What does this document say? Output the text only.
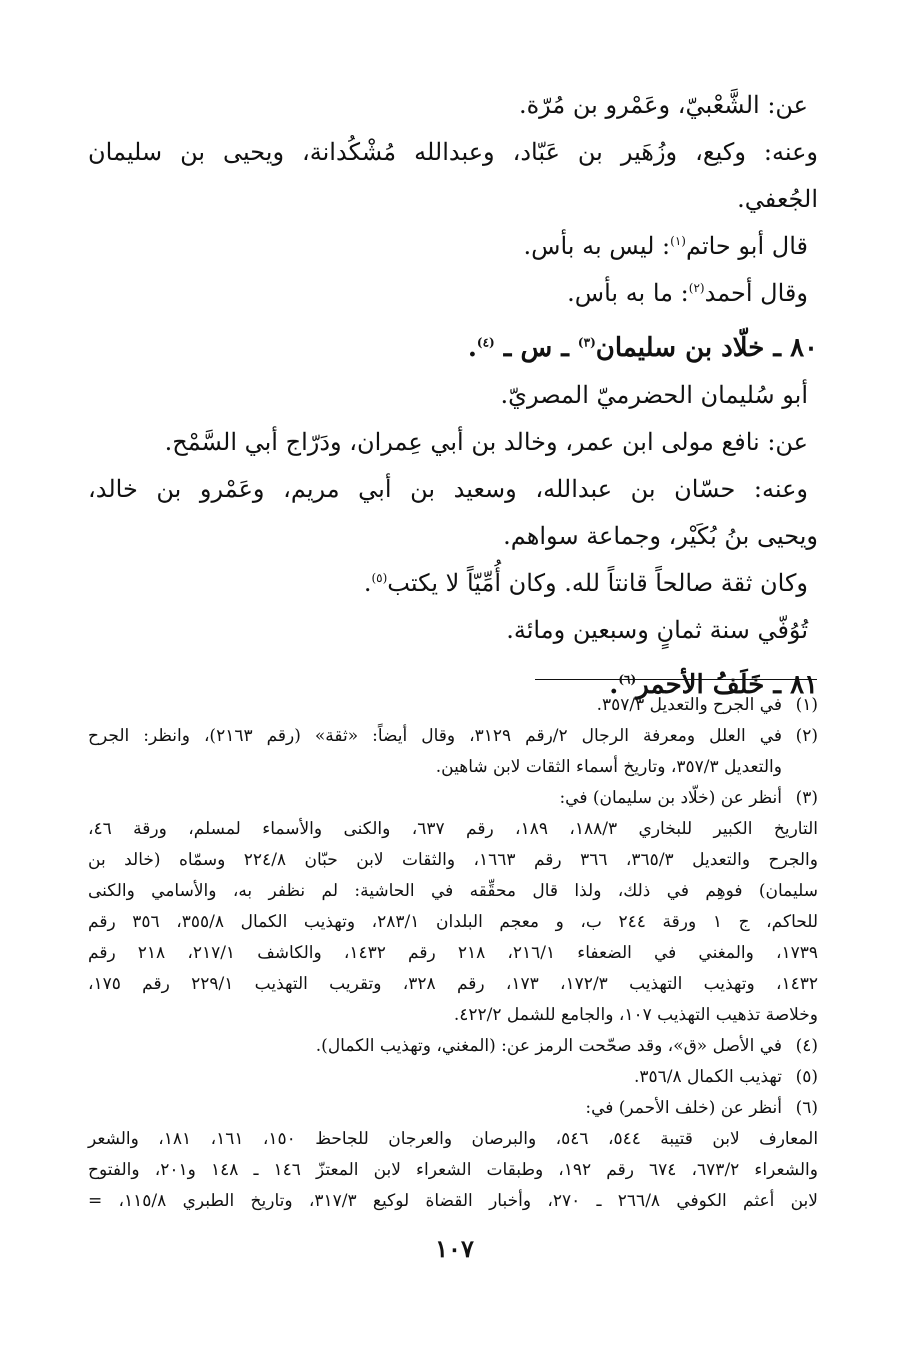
عن: الشَّعْبيّ، وعَمْرو بن مُرّة.

وعنه: وكيع، وزُهَير بن عَبّاد، وعبدالله مُشْكُدانة، ويحيى بن سليمان

الجُعفي.

قال أبو حاتم$^{(١)}$: ليس به بأس.

وقال أحمد$^{(٢)}$: ما به بأس.

٨٠ ـ خلّاد بن سليمان$^{(٣)}$ ـ س ـ $^{(٤)}$.

أبو سُليمان الحضرميّ المصريّ.

عن: نافع مولى ابن عمر، وخالد بن أبي عِمران، ودَرّاج أبي السَّمْح.

وعنه: حسّان بن عبدالله، وسعيد بن أبي مريم، وعَمْرو بن خالد،

ويحيى بنُ بُكَيْر، وجماعة سواهم.

وكان ثقة صالحاً قانتاً لله. وكان أُمِّيّاً لا يكتب$^{(٥)}$.

تُوُفّي سنة ثمانٍ وسبعين ومائة.

٨١ ـ خَلَفُ الأحمر$^{(٦)}$.

(١)
في الجرح والتعديل ٣٥٧/٣.
(٢)
في العلل ومعرفة الرجال ٢/رقم ٣١٢٩، وقال أيضاً: «ثقة» (رقم ٢١٦٣)، وانظر: الجرح
والتعديل ٣٥٧/٣، وتاريخ أسماء الثقات لابن شاهين.
(٣)
أنظر عن (خلّاد بن سليمان) في:
التاريخ الكبير للبخاري ١٨٨/٣، ١٨٩، رقم ٦٣٧، والكنى والأسماء لمسلم، ورقة ٤٦،
والجرح والتعديل ٣٦٥/٣، ٣٦٦ رقم ١٦٦٣، والثقات لابن حبّان ٢٢٤/٨ وسمّاه (خالد بن
سليمان) فوهِم في ذلك، ولذا قال محقِّقه في الحاشية: لم نظفر به، والأسامي والكنى
للحاكم، ج ١ ورقة ٢٤٤ ب، و معجم البلدان ٢٨٣/١، وتهذيب الكمال ٣٥٥/٨، ٣٥٦ رقم
١٧٣٩، والمغني في الضعفاء ٢١٦/١، ٢١٨ رقم ١٤٣٢، والكاشف ٢١٧/١، ٢١٨ رقم
١٤٣٢، وتهذيب التهذيب ١٧٢/٣، ١٧٣، رقم ٣٢٨، وتقريب التهذيب ٢٢٩/١ رقم ١٧٥،
وخلاصة تذهيب التهذيب ١٠٧، والجامع للشمل ٤٢٢/٢.
(٤)
في الأصل «ق»، وقد صحّحت الرمز عن: (المغني، وتهذيب الكمال).
(٥)
تهذيب الكمال ٣٥٦/٨.
(٦)
أنظر عن (خلف الأحمر) في:
المعارف لابن قتيبة ٥٤٤، ٥٤٦، والبرصان والعرجان للجاحظ ١٥٠، ١٦١، ١٨١، والشعر
والشعراء ٦٧٣/٢، ٦٧٤ رقم ١٩٢، وطبقات الشعراء لابن المعتزّ ١٤٦ ـ ١٤٨ و٢٠١، والفتوح
لابن أعثم الكوفي ٢٦٦/٨ ـ ٢٧٠، وأخبار القضاة لوكيع ٣١٧/٣، وتاريخ الطبري ١١٥/٨، =
١٠٧
